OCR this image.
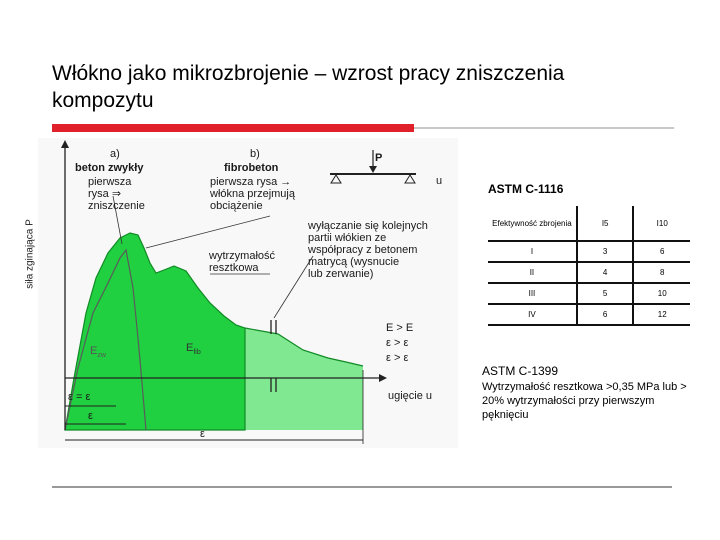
Włókno jako mikrozbrojenie – wzrost pracy zniszczenia kompozytu
a)
beton zwykły
pierwsza
rysa ⇒
zniszczenie
b)
fibrobeton
pierwsza rysa →
włókna przejmują
obciążenie
P
u
wyłączanie się kolejnych
partii włókien ze
współpracy z betonem
matrycą (wysnucie
lub zerwanie)
wytrzymałość
resztkowa
siła zginająca P
ugięcie u
$E_{zw}$
$E_{fib}$
E > E
ε > ε
ε > ε
ε = ε
ε
ε
ASTM C-1116
Efektywność zbrojenia	I5	I10
I	3	6
II	4	8
III	5	10
IV	6	12
ASTM C-1399
Wytrzymałość resztkowa >0,35 MPa lub > 20% wytrzymałości przy pierwszym pęknięciu
